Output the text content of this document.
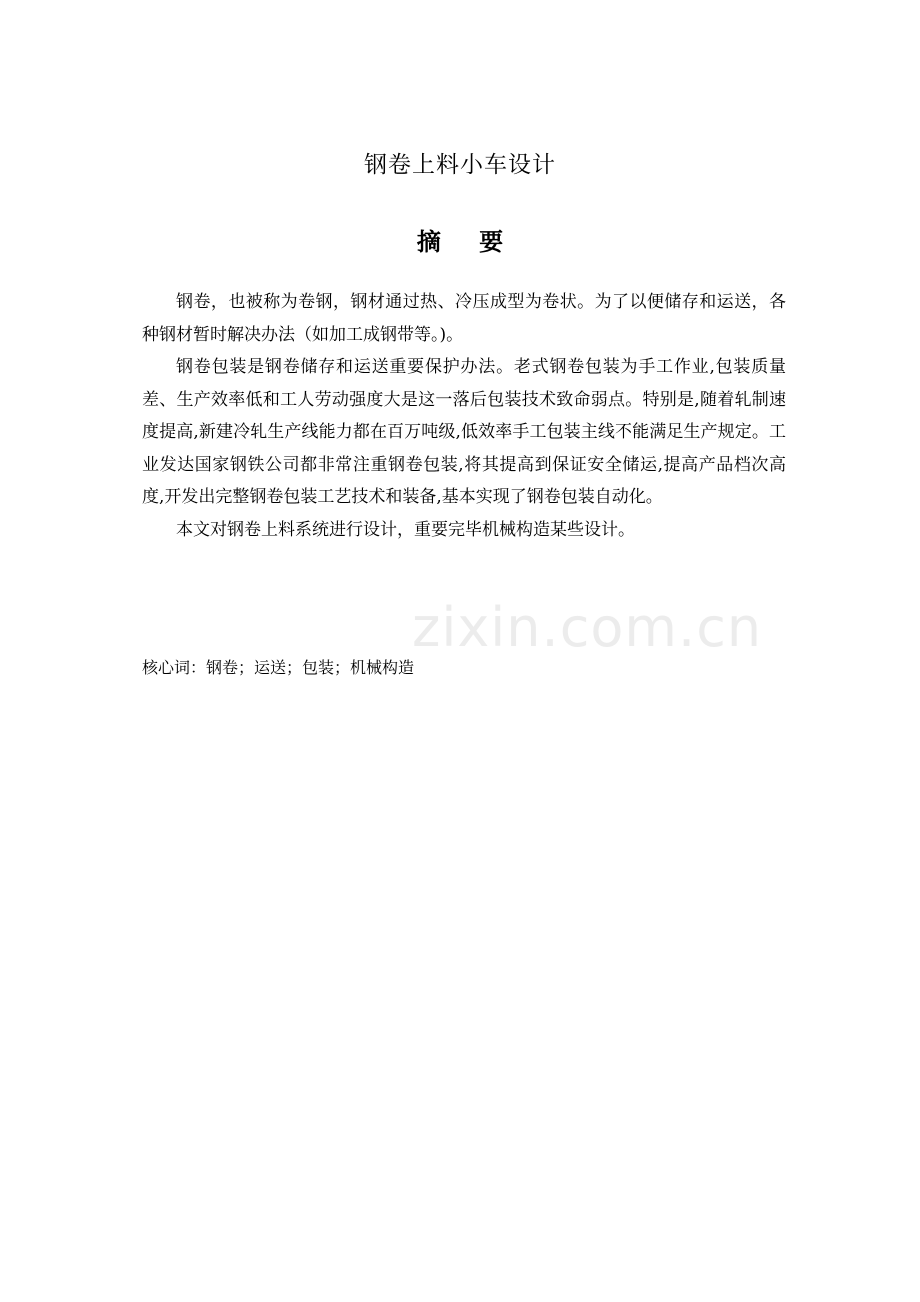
钢卷上料小车设计
摘 要

钢卷，也被称为卷钢，钢材通过热、冷压成型为卷状。为了以便储存和运送，各种钢材暂时解决办法（如加工成钢带等。)。

钢卷包装是钢卷储存和运送重要保护办法。老式钢卷包装为手工作业,包装质量差、生产效率低和工人劳动强度大是这一落后包装技术致命弱点。特别是,随着轧制速度提高,新建冷轧生产线能力都在百万吨级,低效率手工包装主线不能满足生产规定。工业发达国家钢铁公司都非常注重钢卷包装,将其提高到保证安全储运,提高产品档次高度,开发出完整钢卷包装工艺技术和装备,基本实现了钢卷包装自动化。

本文对钢卷上料系统进行设计，重要完毕机械构造某些设计。

核心词：钢卷；运送；包装；机械构造
zixin.com.cn
